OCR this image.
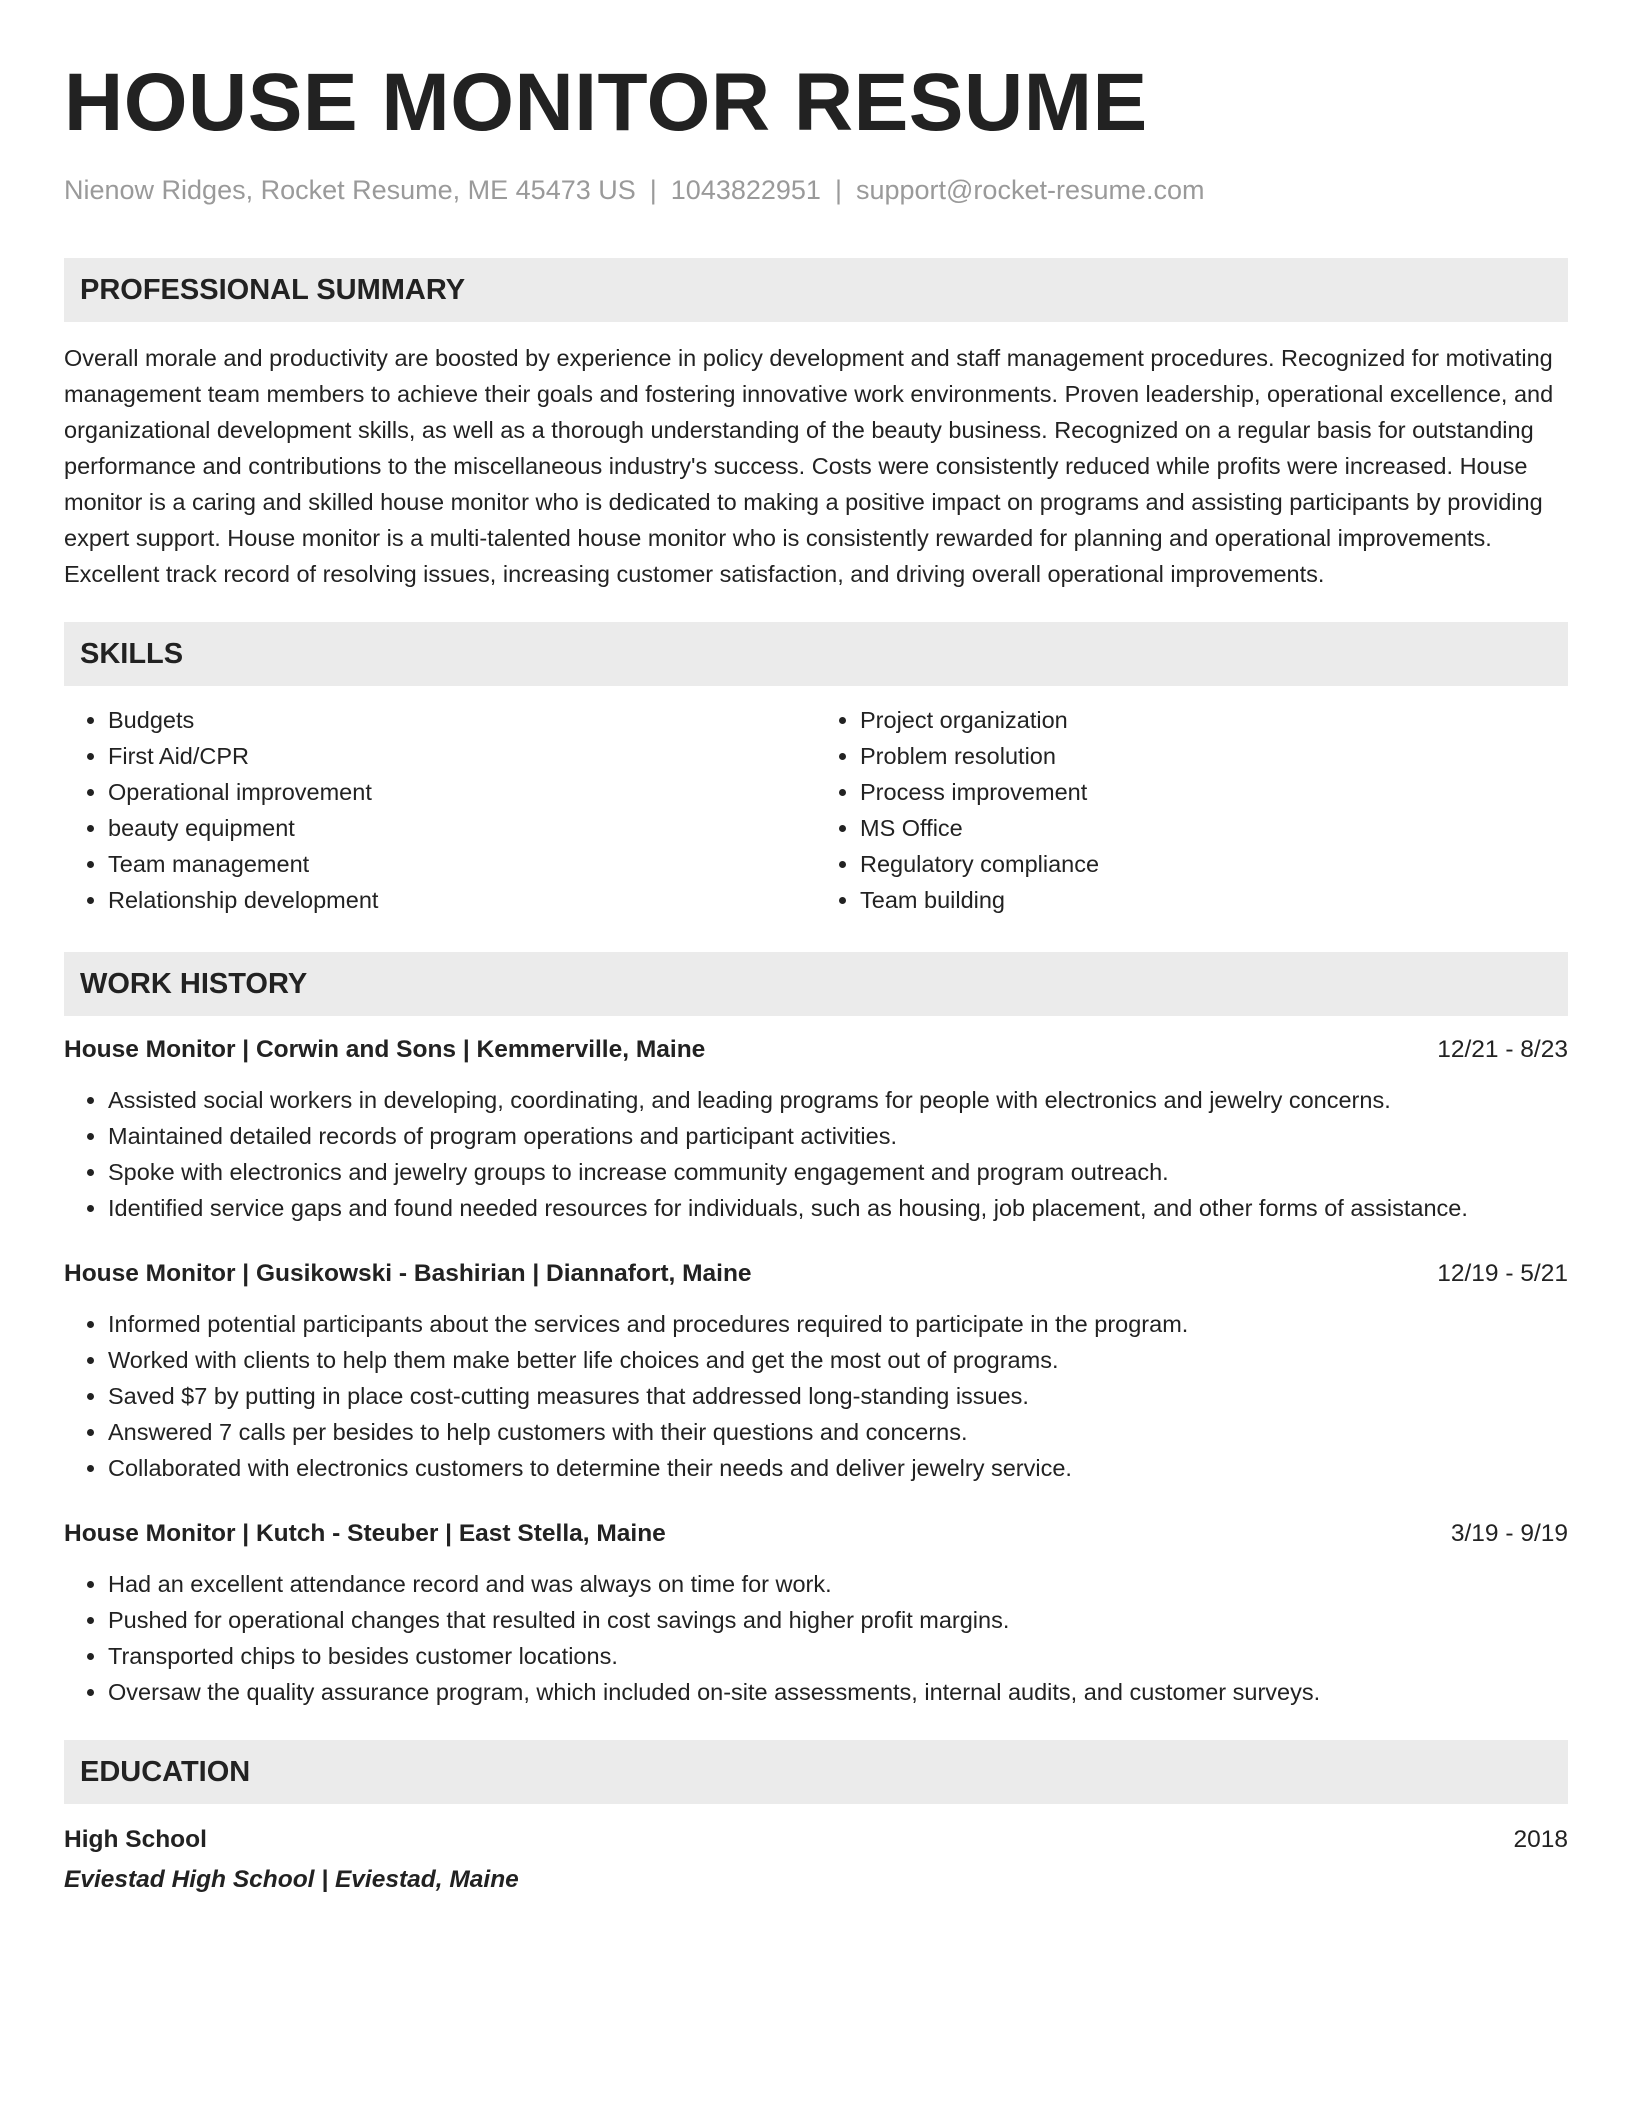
HOUSE MONITOR RESUME
Nienow Ridges, Rocket Resume, ME 45473 US | 1043822951 | support@rocket-resume.com
PROFESSIONAL SUMMARY
Overall morale and productivity are boosted by experience in policy development and staff management procedures. Recognized for motivating management team members to achieve their goals and fostering innovative work environments. Proven leadership, operational excellence, and organizational development skills, as well as a thorough understanding of the beauty business. Recognized on a regular basis for outstanding performance and contributions to the miscellaneous industry's success. Costs were consistently reduced while profits were increased. House monitor is a caring and skilled house monitor who is dedicated to making a positive impact on programs and assisting participants by providing expert support. House monitor is a multi-talented house monitor who is consistently rewarded for planning and operational improvements. Excellent track record of resolving issues, increasing customer satisfaction, and driving overall operational improvements.
SKILLS
• Budgets
• First Aid/CPR
• Operational improvement
• beauty equipment
• Team management
• Relationship development
• Project organization
• Problem resolution
• Process improvement
• MS Office
• Regulatory compliance
• Team building
WORK HISTORY
House Monitor | Corwin and Sons | Kemmerville, Maine	12/21 - 8/23
• Assisted social workers in developing, coordinating, and leading programs for people with electronics and jewelry concerns.
• Maintained detailed records of program operations and participant activities.
• Spoke with electronics and jewelry groups to increase community engagement and program outreach.
• Identified service gaps and found needed resources for individuals, such as housing, job placement, and other forms of assistance.
House Monitor | Gusikowski - Bashirian | Diannafort, Maine	12/19 - 5/21
• Informed potential participants about the services and procedures required to participate in the program.
• Worked with clients to help them make better life choices and get the most out of programs.
• Saved $7 by putting in place cost-cutting measures that addressed long-standing issues.
• Answered 7 calls per besides to help customers with their questions and concerns.
• Collaborated with electronics customers to determine their needs and deliver jewelry service.
House Monitor | Kutch - Steuber | East Stella, Maine	3/19 - 9/19
• Had an excellent attendance record and was always on time for work.
• Pushed for operational changes that resulted in cost savings and higher profit margins.
• Transported chips to besides customer locations.
• Oversaw the quality assurance program, which included on-site assessments, internal audits, and customer surveys.
EDUCATION
High School	2018
Eviestad High School | Eviestad, Maine
